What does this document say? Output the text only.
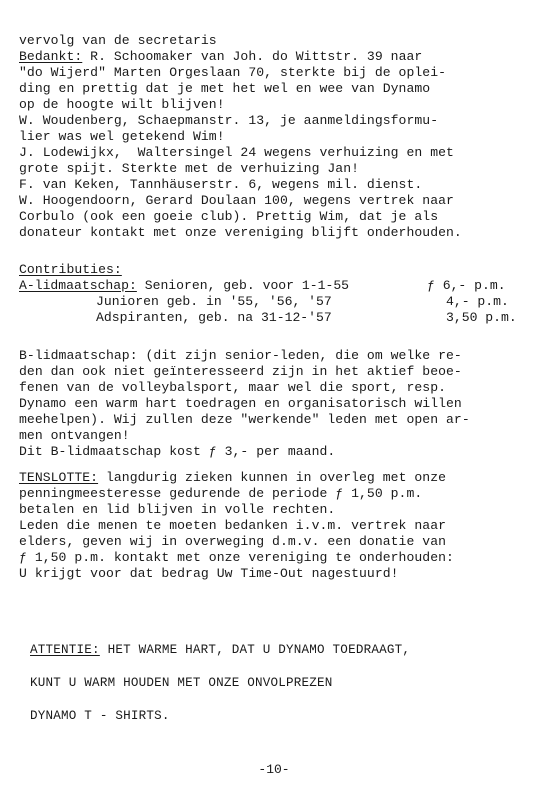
vervolg van de secretaris
Bedankt: R. Schoomaker van Joh. do Wittstr. 39 naar
"do Wijerd" Marten Orgeslaan 70, sterkte bij de oplei-
ding en prettig dat je met het wel en wee van Dynamo
op de hoogte wilt blijven!
W. Woudenberg, Schaepmanstr. 13, je aanmeldingsformu-
lier was wel getekend Wim!
J. Lodewijkx,  Waltersingel 24 wegens verhuizing en met
grote spijt. Sterkte met de verhuizing Jan!
F. van Keken, Tannhäuserstr. 6, wegens mil. dienst.
W. Hoogendoorn, Gerard Doulaan 100, wegens vertrek naar
Corbulo (ook een goeie club). Prettig Wim, dat je als
donateur kontakt met onze vereniging blijft onderhouden.
Contributies:
A-lidmaatschap: Senioren, geb. voor 1-1-55	ƒ 6,- p.m.
Junioren geb. in '55, '56, '57	4,- p.m.
Adspiranten, geb. na 31-12-'57	3,50 p.m.
B-lidmaatschap: (dit zijn senior-leden, die om welke re-
den dan ook niet geïnteresseerd zijn in het aktief beoe-
fenen van de volleybalsport, maar wel die sport, resp.
Dynamo een warm hart toedragen en organisatorisch willen
meehelpen). Wij zullen deze "werkende" leden met open ar-
men ontvangen!
Dit B-lidmaatschap kost ƒ 3,- per maand.
TENSLOTTE: langdurig zieken kunnen in overleg met onze
penningmeesteresse gedurende de periode ƒ 1,50 p.m.
betalen en lid blijven in volle rechten.
Leden die menen te moeten bedanken i.v.m. vertrek naar
elders, geven wij in overweging d.m.v. een donatie van
ƒ 1,50 p.m. kontakt met onze vereniging te onderhouden:
U krijgt voor dat bedrag Uw Time-Out nagestuurd!
ATTENTIE: HET WARME HART, DAT U DYNAMO TOEDRAAGT,
KUNT U WARM HOUDEN MET ONZE ONVOLPREZEN
DYNAMO T - SHIRTS.
-10-
